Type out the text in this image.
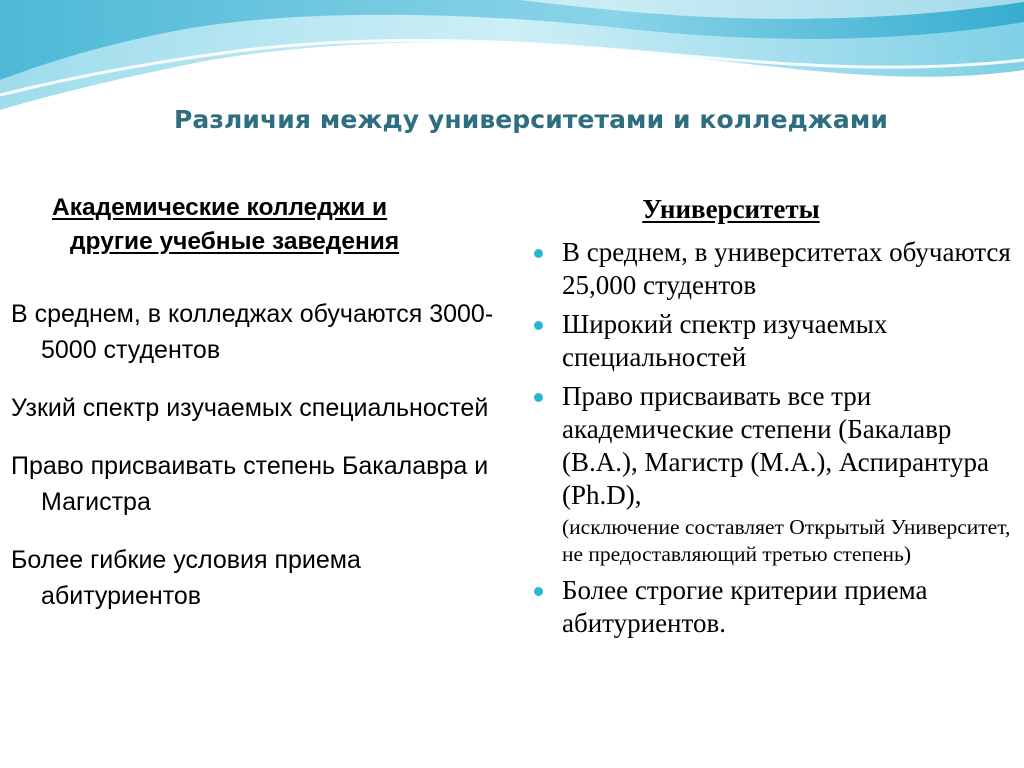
Различия между университетами и колледжами
Академические колледжи и
другие учебные заведения
В среднем, в колледжах обучаются 3000-5000 студентов
Узкий спектр изучаемых специальностей
Право присваивать степень Бакалавра и Магистра
Более гибкие условия приема абитуриентов
Университеты
В среднем, в университетах обучаются 25,000 студентов
Широкий спектр изучаемых специальностей
Право присваивать все три академические степени (Бакалавр (B.A.), Магистр (M.A.), Аспирантура (Ph.D),
(исключение составляет Открытый Университет, не предоставляющий третью степень)
Более строгие критерии приема абитуриентов.
